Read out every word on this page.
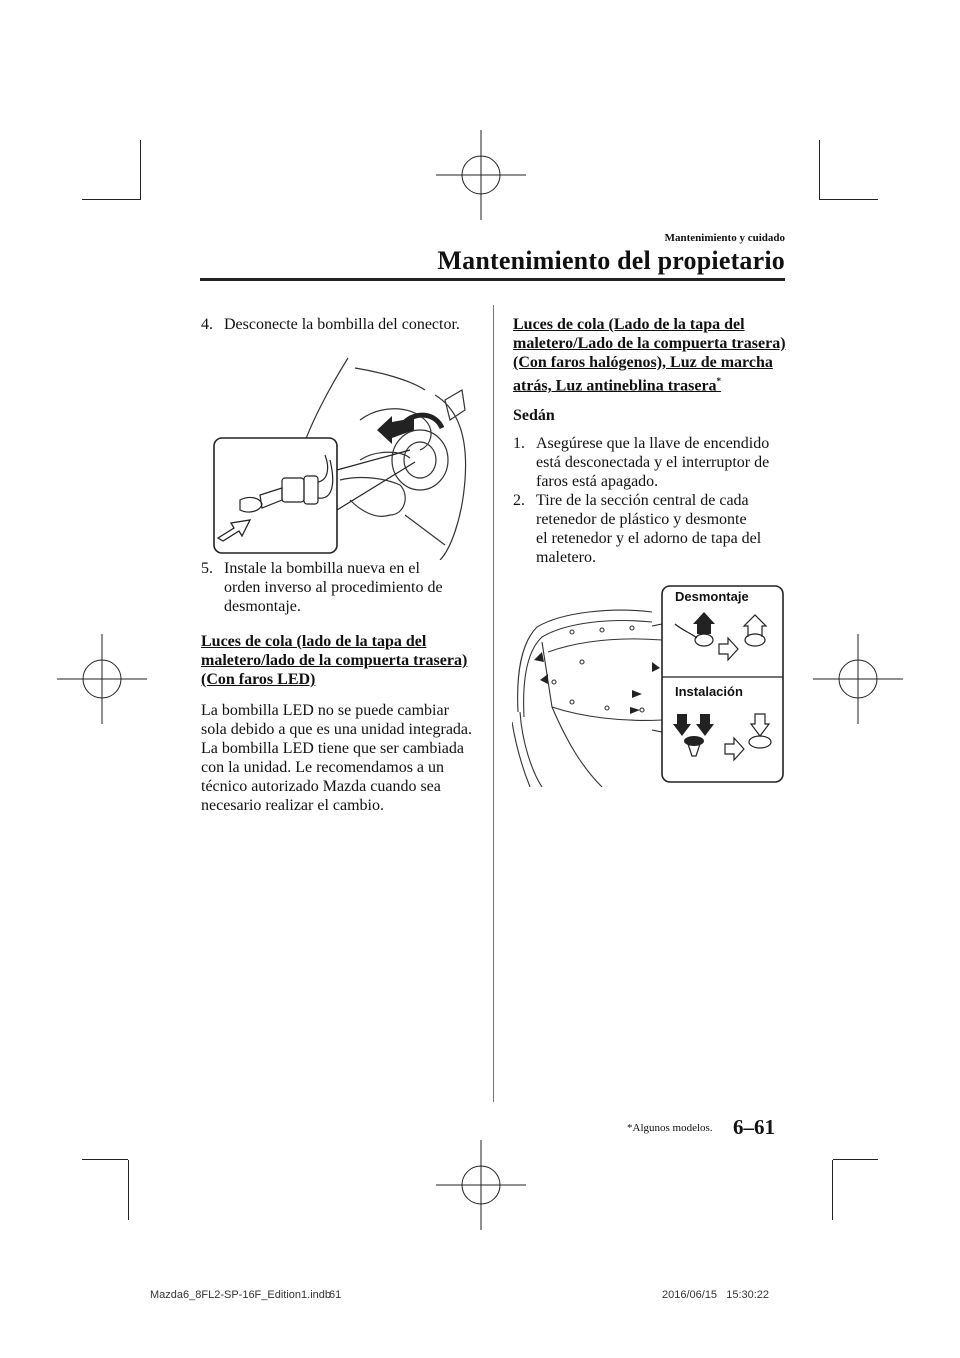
Mantenimiento y cuidado
Mantenimiento del propietario
4. Desconecte la bombilla del conector.
5. Instale la bombilla nueva en el
orden inverso al procedimiento de
desmontaje.
Luces de cola (lado de la tapa del
maletero/lado de la compuerta trasera)
(Con faros LED)
La bombilla LED no se puede cambiar
sola debido a que es una unidad integrada.
La bombilla LED tiene que ser cambiada
con la unidad. Le recomendamos a un
técnico autorizado Mazda cuando sea
necesario realizar el cambio.
Luces de cola (Lado de la tapa del
maletero/Lado de la compuerta trasera)
(Con faros halógenos), Luz de marcha
atrás, Luz antineblina trasera*
Sedán
1. Asegúrese que la llave de encendido
está desconectada y el interruptor de
faros está apagado.
2. Tire de la sección central de cada
retenedor de plástico y desmonte
el retenedor y el adorno de tapa del
maletero.
Desmontaje
Instalación
*Algunos modelos. 6–61
Mazda6_8FL2-SP-16F_Edition1.indb
61	2016/06/15   15:30:22
